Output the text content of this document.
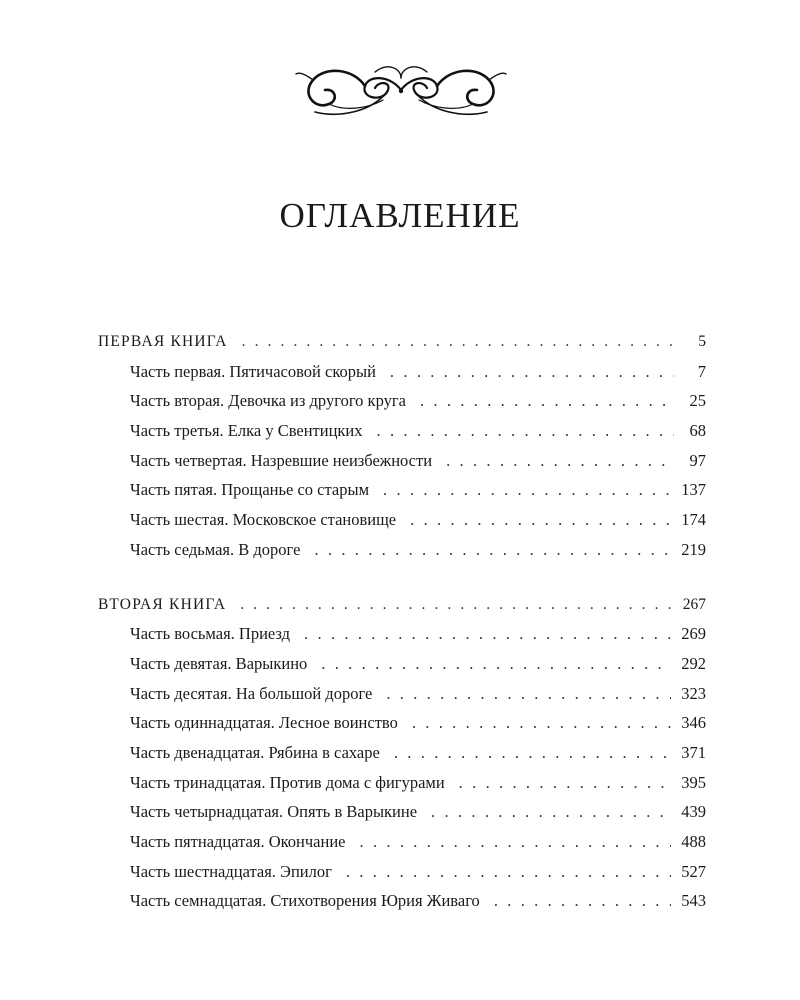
ОГЛАВЛЕНИЕ
ПЕРВАЯ КНИГА . . .	5
Часть первая. Пятичасовой скорый . . .	7
Часть вторая. Девочка из другого круга . . .	25
Часть третья. Елка у Свентицких . . .	68
Часть четвертая. Назревшие неизбежности . . .	97
Часть пятая. Прощанье со старым . . .	137
Часть шестая. Московское становище . . .	174
Часть седьмая. В дороге . . .	219
ВТОРАЯ КНИГА . . .	267
Часть восьмая. Приезд . . .	269
Часть девятая. Варыкино . . .	292
Часть десятая. На большой дороге . . .	323
Часть одиннадцатая. Лесное воинство . . .	346
Часть двенадцатая. Рябина в сахаре . . .	371
Часть тринадцатая. Против дома с фигурами . . .	395
Часть четырнадцатая. Опять в Варыкине . . .	439
Часть пятнадцатая. Окончание . . .	488
Часть шестнадцатая. Эпилог . . .	527
Часть семнадцатая. Стихотворения Юрия Живаго . . .	543
